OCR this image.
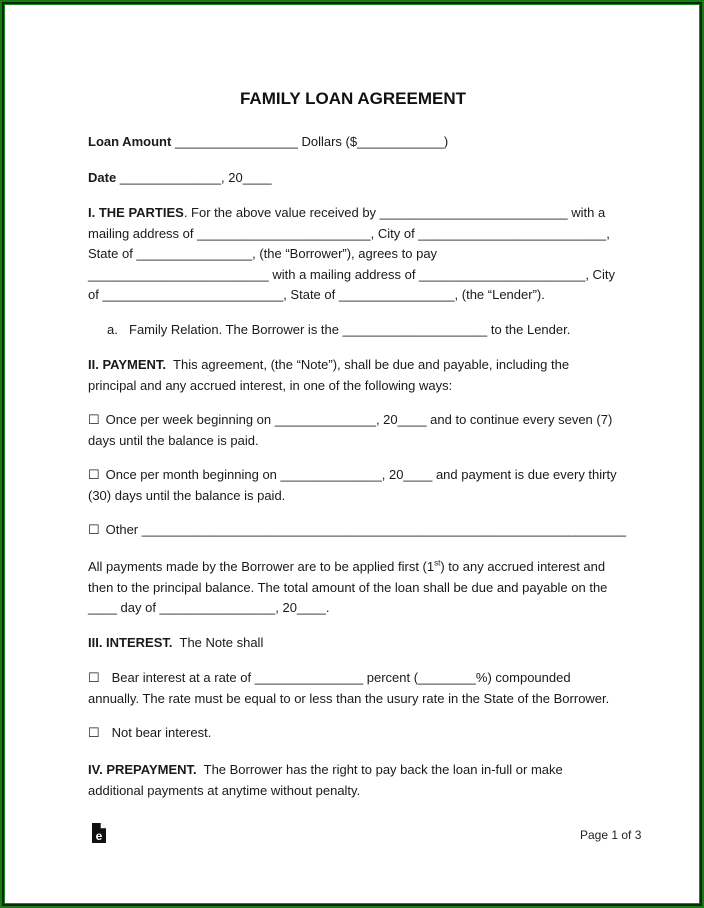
FAMILY LOAN AGREEMENT
Loan Amount _________________ Dollars ($____________)
Date ______________, 20____
I. THE PARTIES. For the above value received by __________________________ with a
mailing address of ________________________, City of __________________________,
State of ________________, (the “Borrower”), agrees to pay
_________________________ with a mailing address of _______________________, City
of _________________________, State of ________________, (the “Lender”).
a. Family Relation. The Borrower is the ____________________ to the Lender.
II. PAYMENT. This agreement, (the “Note”), shall be due and payable, including the
principal and any accrued interest, in one of the following ways:
☐ Once per week beginning on ______________, 20____ and to continue every seven (7)
days until the balance is paid.
☐ Once per month beginning on ______________, 20____ and payment is due every thirty
(30) days until the balance is paid.
☐ Other ___________________________________________________________________
All payments made by the Borrower are to be applied first (1st) to any accrued interest and
then to the principal balance. The total amount of the loan shall be due and payable on the
____ day of ________________, 20____.
III. INTEREST. The Note shall
☐ Bear interest at a rate of _______________ percent (________%) compounded
annually. The rate must be equal to or less than the usury rate in the State of the Borrower.
☐ Not bear interest.
IV. PREPAYMENT. The Borrower has the right to pay back the loan in-full or make
additional payments at anytime without penalty.
e	Page 1 of 3
